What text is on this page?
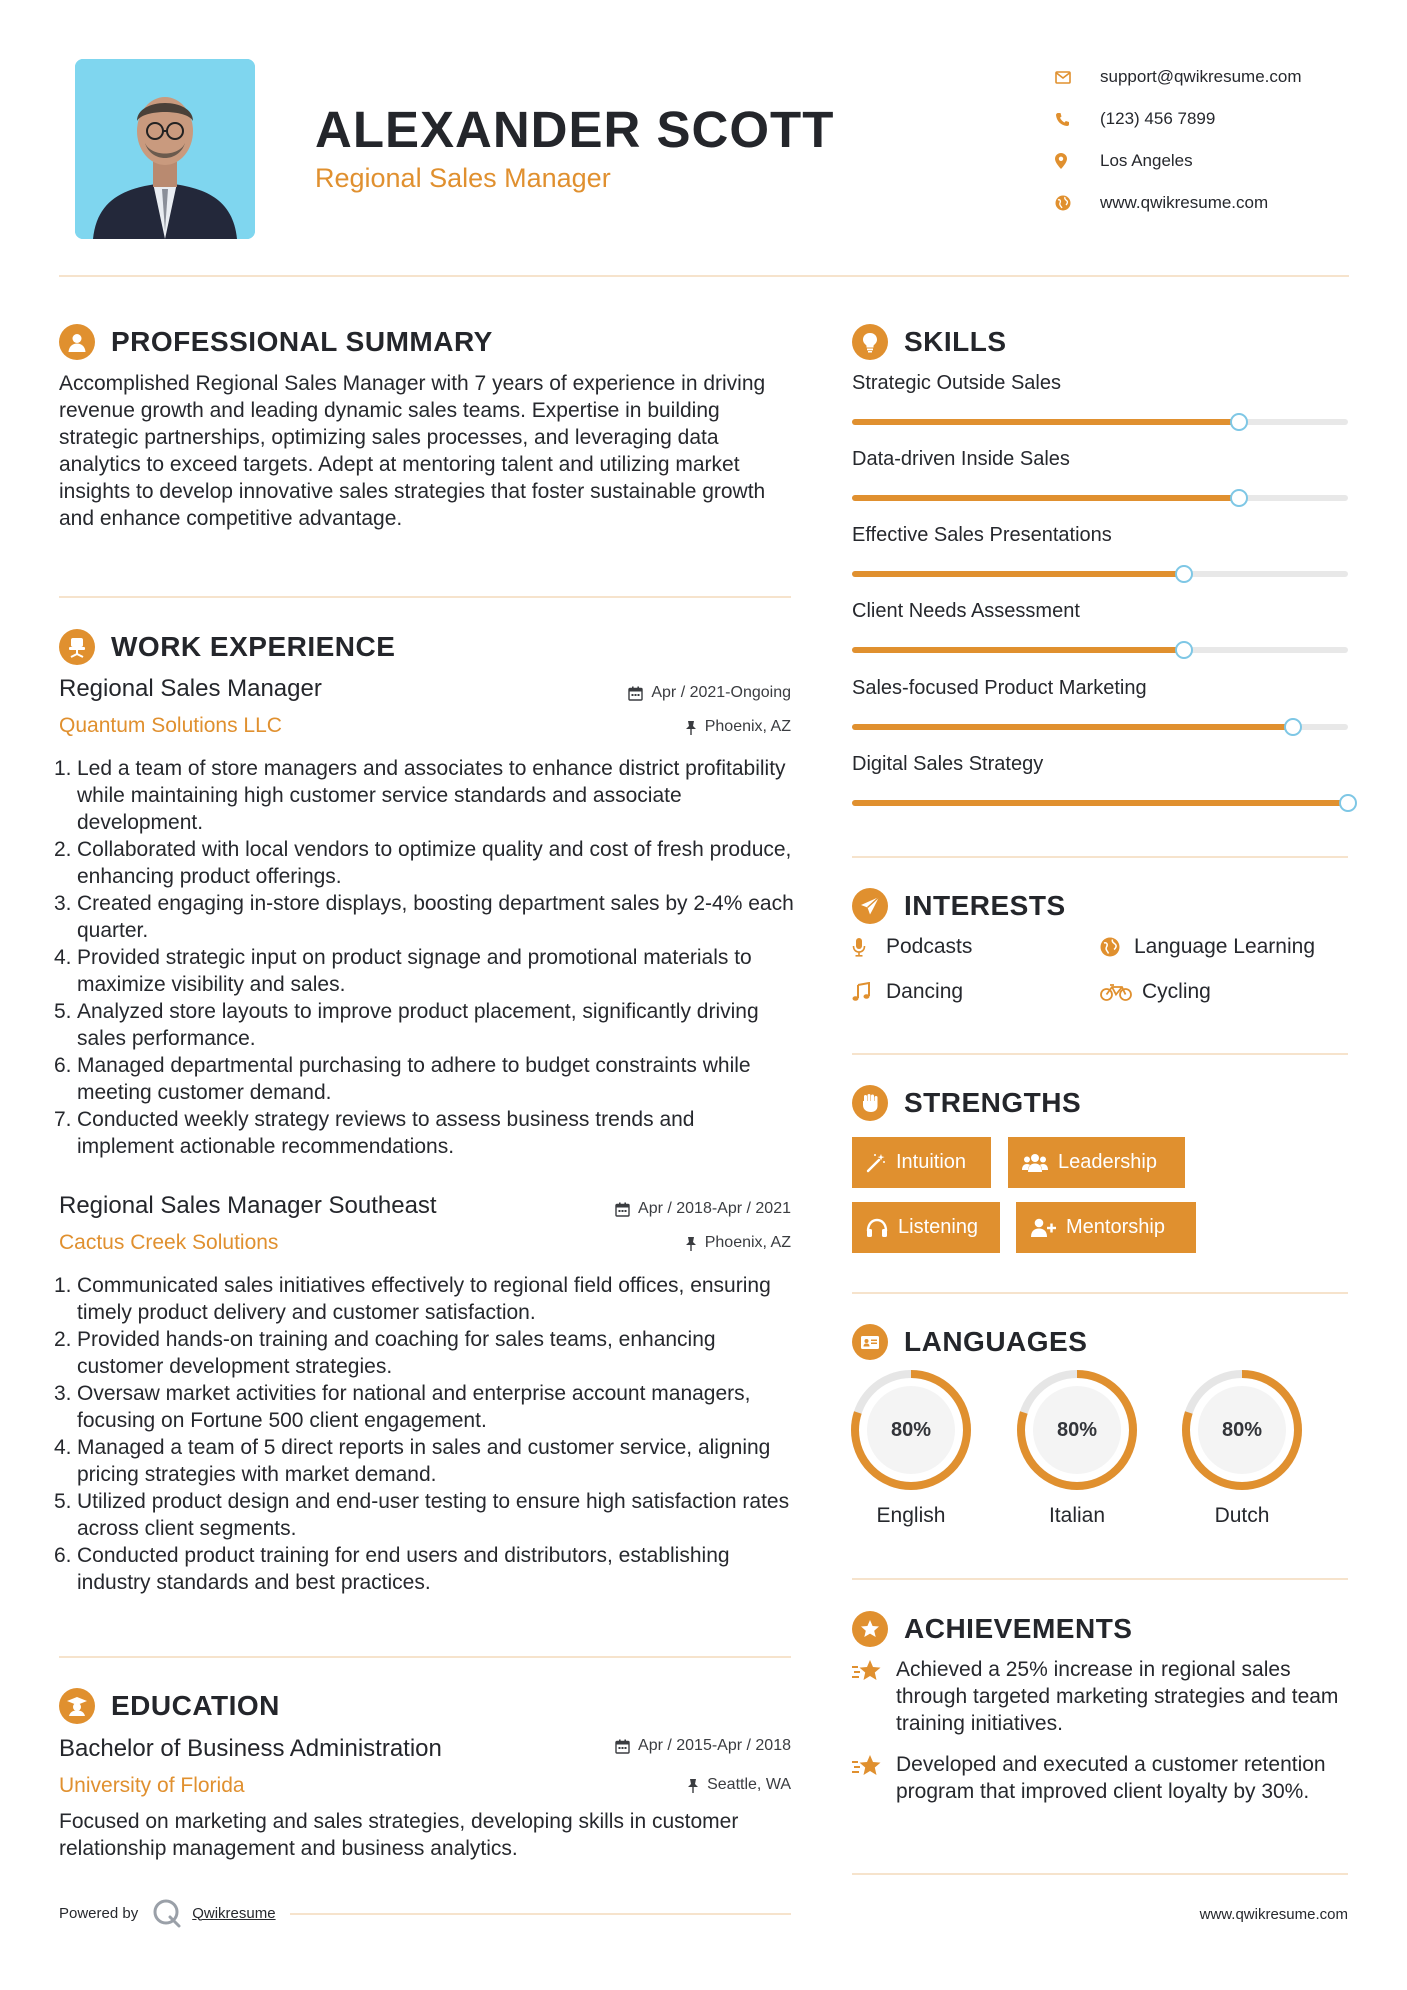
ALEXANDER SCOTT
Regional Sales Manager
support@qwikresume.com
(123) 456 7899
Los Angeles
www.qwikresume.com
PROFESSIONAL SUMMARY

Accomplished Regional Sales Manager with 7 years of experience in driving revenue growth and leading dynamic sales teams. Expertise in building strategic partnerships, optimizing sales processes, and leveraging data analytics to exceed targets. Adept at mentoring talent and utilizing market insights to develop innovative sales strategies that foster sustainable growth and enhance competitive advantage.

WORK EXPERIENCE
Regional Sales Manager	Apr / 2021-Ongoing
Quantum Solutions LLC	Phoenix, AZ
1. Led a team of store managers and associates to enhance district profitability while maintaining high customer service standards and associate development.
2. Collaborated with local vendors to optimize quality and cost of fresh produce, enhancing product offerings.
3. Created engaging in-store displays, boosting department sales by 2-4% each quarter.
4. Provided strategic input on product signage and promotional materials to maximize visibility and sales.
5. Analyzed store layouts to improve product placement, significantly driving sales performance.
6. Managed departmental purchasing to adhere to budget constraints while meeting customer demand.
7. Conducted weekly strategy reviews to assess business trends and implement actionable recommendations.
Regional Sales Manager Southeast	Apr / 2018-Apr / 2021
Cactus Creek Solutions	Phoenix, AZ
1. Communicated sales initiatives effectively to regional field offices, ensuring timely product delivery and customer satisfaction.
2. Provided hands-on training and coaching for sales teams, enhancing customer development strategies.
3. Oversaw market activities for national and enterprise account managers, focusing on Fortune 500 client engagement.
4. Managed a team of 5 direct reports in sales and customer service, aligning pricing strategies with market demand.
5. Utilized product design and end-user testing to ensure high satisfaction rates across client segments.
6. Conducted product training for end users and distributors, establishing industry standards and best practices.
EDUCATION
Bachelor of Business Administration	Apr / 2015-Apr / 2018
University of Florida	Seattle, WA

Focused on marketing and sales strategies, developing skills in customer relationship management and business analytics.

SKILLS
Strategic Outside Sales
Data-driven Inside Sales
Effective Sales Presentations
Client Needs Assessment
Sales-focused Product Marketing
Digital Sales Strategy
INTERESTS
Podcasts	Language Learning
Dancing	Cycling
STRENGTHS
Intuition	Leadership
Listening	Mentorship
LANGUAGES
80%
English
80%
Italian
80%
Dutch
ACHIEVEMENTS
Achieved a 25% increase in regional sales through targeted marketing strategies and team training initiatives.
Developed and executed a customer retention program that improved client loyalty by 30%.
Powered by	Qwikresume	www.qwikresume.com
